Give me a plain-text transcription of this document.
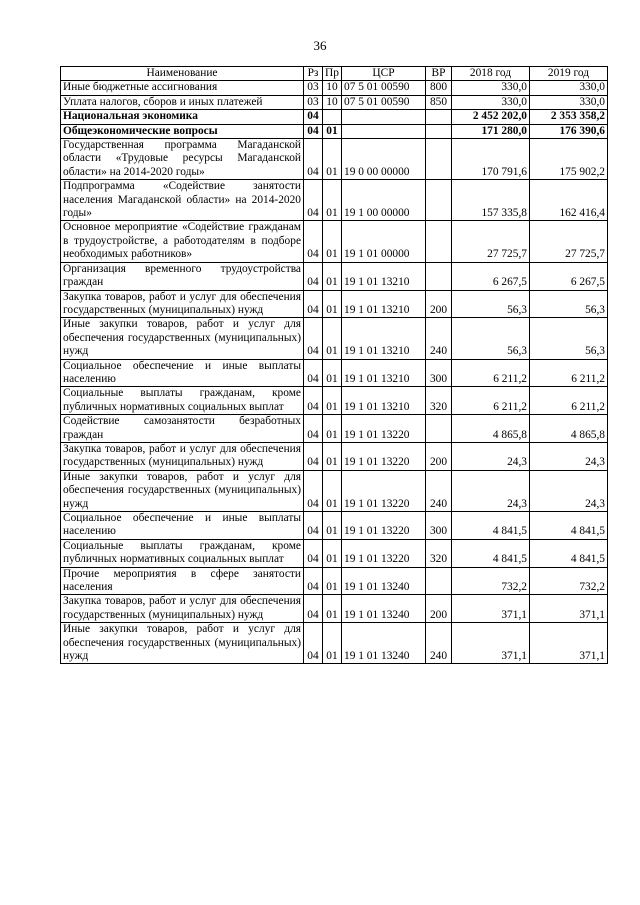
36
Наименование	Рз	Пр	ЦСР	ВР	2018 год	2019 год
Иные бюджетные ассигнования	03	10	07 5 01 00590	800	330,0	330,0
Уплата налогов, сборов и иных платежей	03	10	07 5 01 00590	850	330,0	330,0
Национальная экономика	04				2 452 202,0	2 353 358,2
Общеэкономические вопросы	04	01			171 280,0	176 390,6
Государственная программа Магаданской области «Трудовые ресурсы Магаданской области» на 2014-2020 годы»	04	01	19 0 00 00000		170 791,6	175 902,2
Подпрограмма «Содействие занятости населения Магаданской области» на 2014-2020 годы»	04	01	19 1 00 00000		157 335,8	162 416,4
Основное мероприятие «Содействие гражданам в трудоустройстве, а работодателям в подборе необходимых работников»	04	01	19 1 01 00000		27 725,7	27 725,7
Организация временного трудоустройства граждан	04	01	19 1 01 13210		6 267,5	6 267,5
Закупка товаров, работ и услуг для обеспечения государственных (муниципальных) нужд	04	01	19 1 01 13210	200	56,3	56,3
Иные закупки товаров, работ и услуг для обеспечения государственных (муниципальных) нужд	04	01	19 1 01 13210	240	56,3	56,3
Социальное обеспечение и иные выплаты населению	04	01	19 1 01 13210	300	6 211,2	6 211,2
Социальные выплаты гражданам, кроме публичных нормативных социальных выплат	04	01	19 1 01 13210	320	6 211,2	6 211,2
Содействие самозанятости безработных граждан	04	01	19 1 01 13220		4 865,8	4 865,8
Закупка товаров, работ и услуг для обеспечения государственных (муниципальных) нужд	04	01	19 1 01 13220	200	24,3	24,3
Иные закупки товаров, работ и услуг для обеспечения государственных (муниципальных) нужд	04	01	19 1 01 13220	240	24,3	24,3
Социальное обеспечение и иные выплаты населению	04	01	19 1 01 13220	300	4 841,5	4 841,5
Социальные выплаты гражданам, кроме публичных нормативных социальных выплат	04	01	19 1 01 13220	320	4 841,5	4 841,5
Прочие мероприятия в сфере занятости населения	04	01	19 1 01 13240		732,2	732,2
Закупка товаров, работ и услуг для обеспечения государственных (муниципальных) нужд	04	01	19 1 01 13240	200	371,1	371,1
Иные закупки товаров, работ и услуг для обеспечения государственных (муниципальных) нужд	04	01	19 1 01 13240	240	371,1	371,1
